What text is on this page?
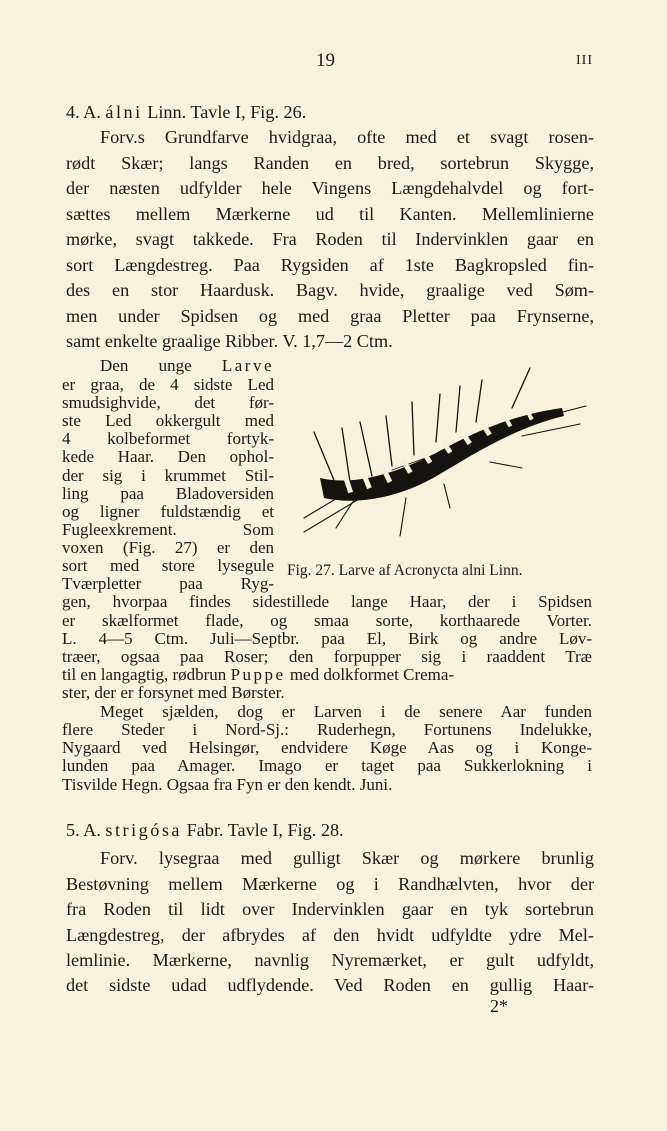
19	III
4. A. álni Linn. Tavle I, Fig. 26.
Forv.s Grundfarve hvidgraa, ofte med et svagt rosen-
rødt Skær; langs Randen en bred, sortebrun Skygge,
der næsten udfylder hele Vingens Længdehalvdel og fort-
sættes mellem Mærkerne ud til Kanten. Mellemlinierne
mørke, svagt takkede. Fra Roden til Indervinklen gaar en
sort Længdestreg. Paa Rygsiden af 1ste Bagkropsled fin-
des en stor Haardusk. Bagv. hvide, graalige ved Søm-
men under Spidsen og med graa Pletter paa Frynserne,
samt enkelte graalige Ribber. V. 1,7—2 Ctm.
Den unge Larve
er graa, de 4 sidste Led
smudsighvide, det før-
ste Led okkergult med
4 kolbeformet fortyk-
kede Haar. Den ophol-
der sig i krummet Stil-
ling paa Bladoversiden
og ligner fuldstændig et
Fugleexkrement. Som
voxen (Fig. 27) er den
sort med store lysegule
Tværpletter paa Ryg-
Fig. 27. Larve af Acronycta alni Linn.
gen, hvorpaa findes sidestillede lange Haar, der i Spidsen
er skælformet flade, og smaa sorte, korthaarede Vorter.
L. 4—5 Ctm. Juli—Septbr. paa El, Birk og andre Løv-
træer, ogsaa paa Roser; den forpupper sig i raaddent Træ
til en langagtig, rødbrun Puppe med dolkformet Crema-
ster, der er forsynet med Børster.
Meget sjælden, dog er Larven i de senere Aar funden
flere Steder i Nord-Sj.: Ruderhegn, Fortunens Indelukke,
Nygaard ved Helsingør, endvidere Køge Aas og i Konge-
lunden paa Amager. Imago er taget paa Sukkerlokning i
Tisvilde Hegn. Ogsaa fra Fyn er den kendt. Juni.
5. A. strigósa Fabr. Tavle I, Fig. 28.
Forv. lysegraa med gulligt Skær og mørkere brunlig
Bestøvning mellem Mærkerne og i Randhælvten, hvor der
fra Roden til lidt over Indervinklen gaar en tyk sortebrun
Længdestreg, der afbrydes af den hvidt udfyldte ydre Mel-
lemlinie. Mærkerne, navnlig Nyremærket, er gult udfyldt,
det sidste udad udflydende. Ved Roden en gullig Haar-
2*
